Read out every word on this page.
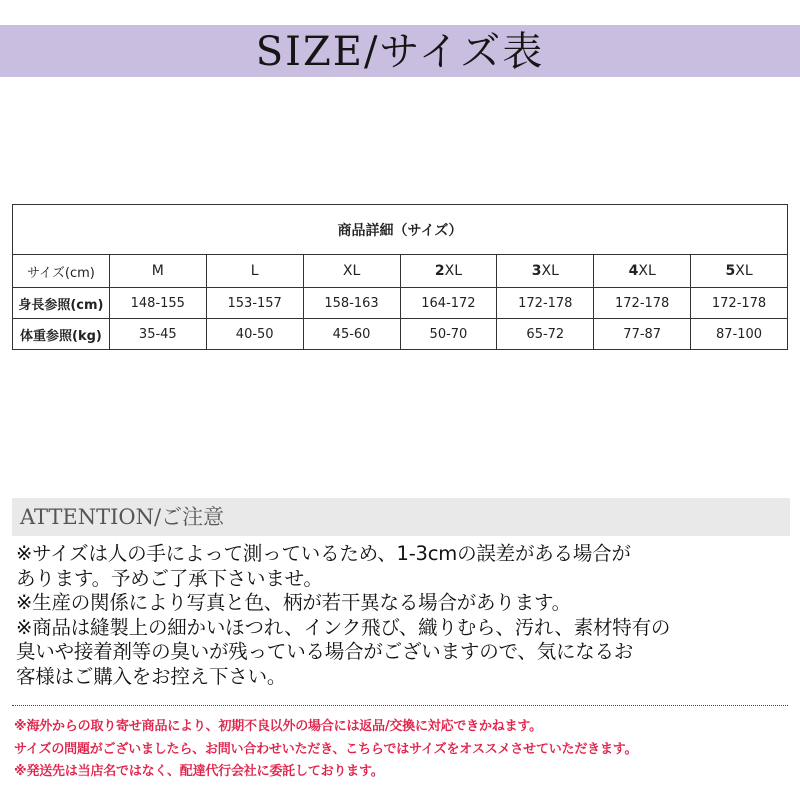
SIZE/サイズ表
商品詳細（サイズ）							
サイズ(cm)	M	L	XL	2XL	3XL	4XL	5XL
身長参照(cm)	148-155	153-157	158-163	164-172	172-178	172-178	172-178
体重参照(kg)	35-45	40-50	45-60	50-70	65-72	77-87	87-100
ATTENTION/ご注意
※サイズは人の手によって測っているため、1-3cmの誤差がある場合が
あります。予めご了承下さいませ。
※生産の関係により写真と色、柄が若干異なる場合があります。
※商品は縫製上の細かいほつれ、インク飛び、織りむら、汚れ、素材特有の
臭いや接着剤等の臭いが残っている場合がございますので、気になるお
客様はご購入をお控え下さい。
※海外からの取り寄せ商品により、初期不良以外の場合には返品/交換に対応できかねます。
サイズの問題がございましたら、お問い合わせいただき、こちらではサイズをオススメさせていただきます。
※発送先は当店名ではなく、配達代行会社に委託しております。
